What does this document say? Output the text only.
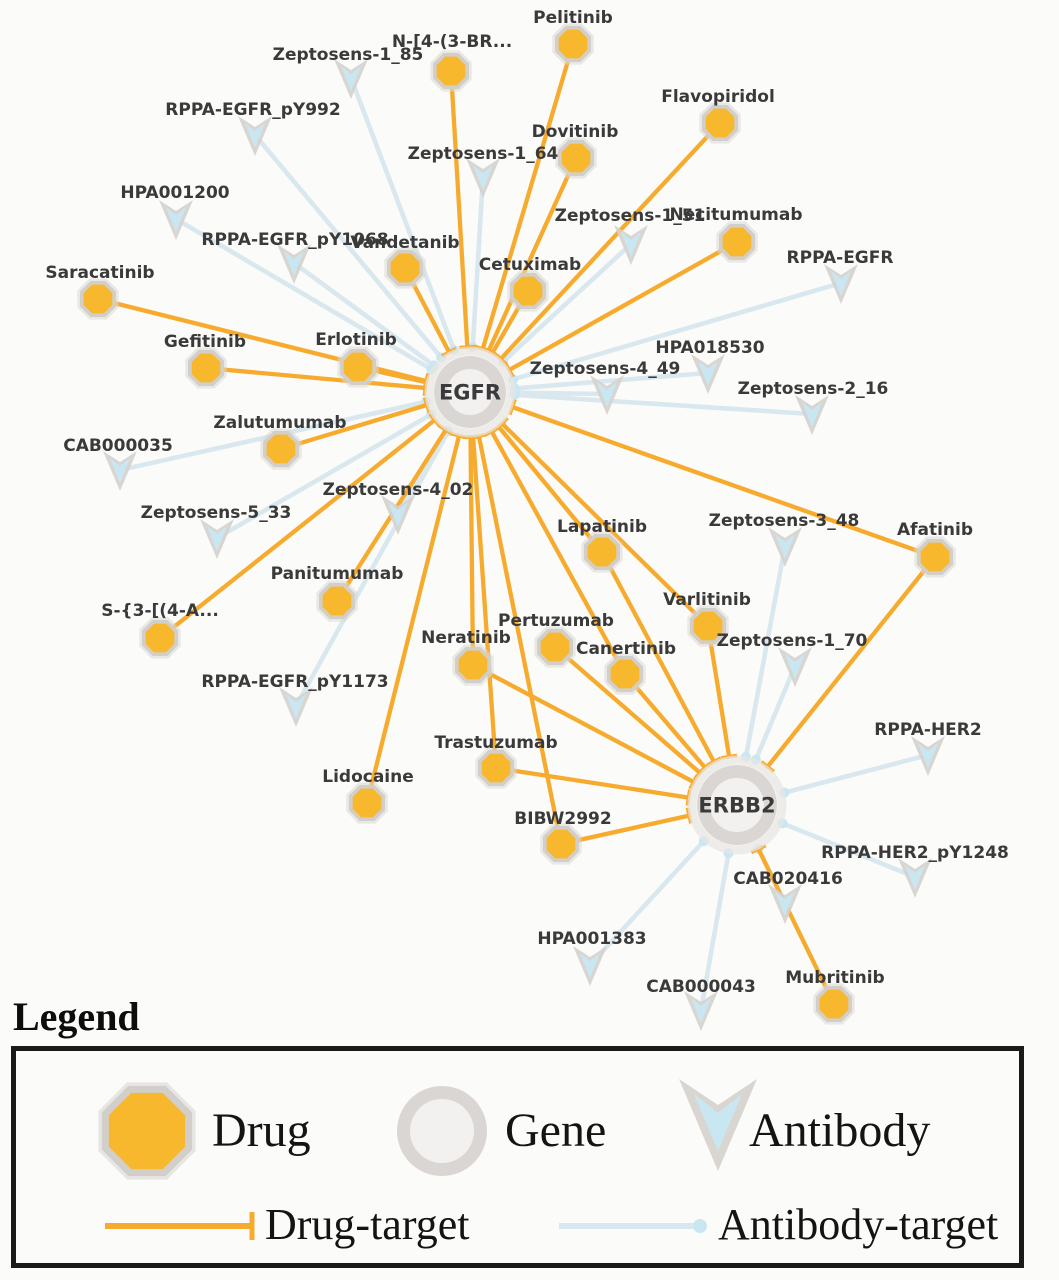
EGFR
ERBB2
Zeptosens-1_85
RPPA-EGFR_pY992
HPA001200
RPPA-EGFR_pY1068
Zeptosens-1_64
Zeptosens-1_51
RPPA-EGFR
Zeptosens-4_49
HPA018530
Zeptosens-2_16
CAB000035
Zeptosens-5_33
Zeptosens-4_02
RPPA-EGFR_pY1173
Zeptosens-3_48
Zeptosens-1_70
RPPA-HER2
RPPA-HER2_pY1248
CAB020416
HPA001383
CAB000043
Pelitinib
N-[4-(3-BR...
Dovitinib
Flavopiridol
Necitumumab
Vandetanib
Cetuximab
Saracatinib
Gefitinib	Erlotinib
Zalutumumab
Panitumumab
S-{3-[(4-A...
Lapatinib
Varlitinib
Pertuzumab
Neratinib
Canertinib
Afatinib
Trastuzumab
Lidocaine
BIBW2992
Mubritinib
Legend
Drug	Gene	Antibody
Drug-target	Antibody-target
